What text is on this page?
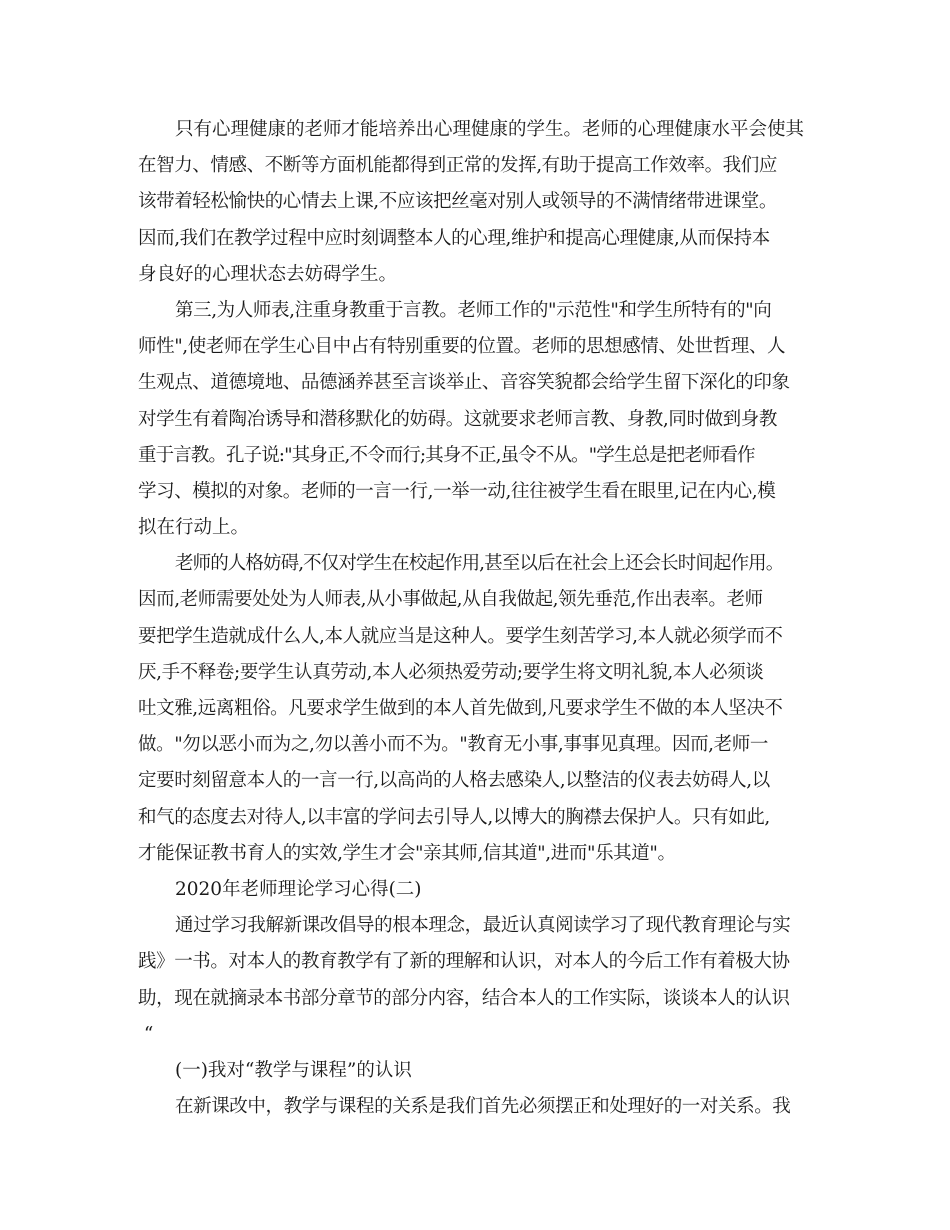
只有心理健康的老师才能培养出心理健康的学生。老师的心理健康水平会使其
在智力、情感、不断等方面机能都得到正常的发挥,有助于提高工作效率。我们应
该带着轻松愉快的心情去上课,不应该把丝毫对别人或领导的不满情绪带进课堂。
因而,我们在教学过程中应时刻调整本人的心理,维护和提高心理健康,从而保持本
身良好的心理状态去妨碍学生。
第三,为人师表,注重身教重于言教。老师工作的"示范性"和学生所特有的"向
师性",使老师在学生心目中占有特别重要的位置。老师的思想感情、处世哲理、人
生观点、道德境地、品德涵养甚至言谈举止、音容笑貌都会给学生留下深化的印象
对学生有着陶冶诱导和潜移默化的妨碍。这就要求老师言教、身教,同时做到身教
重于言教。孔子说:"其身正,不令而行;其身不正,虽令不从。"学生总是把老师看作
学习、模拟的对象。老师的一言一行,一举一动,往往被学生看在眼里,记在内心,模
拟在行动上。
老师的人格妨碍,不仅对学生在校起作用,甚至以后在社会上还会长时间起作用。
因而,老师需要处处为人师表,从小事做起,从自我做起,领先垂范,作出表率。老师
要把学生造就成什么人,本人就应当是这种人。要学生刻苦学习,本人就必须学而不
厌,手不释卷;要学生认真劳动,本人必须热爱劳动;要学生将文明礼貌,本人必须谈
吐文雅,远离粗俗。凡要求学生做到的本人首先做到,凡要求学生不做的本人坚决不
做。"勿以恶小而为之,勿以善小而不为。"教育无小事,事事见真理。因而,老师一
定要时刻留意本人的一言一行,以高尚的人格去感染人,以整洁的仪表去妨碍人,以
和气的态度去对待人,以丰富的学问去引导人,以博大的胸襟去保护人。只有如此,
才能保证教书育人的实效,学生才会"亲其师,信其道",进而"乐其道"。
2020年老师理论学习心得(二)
通过学习我解新课改倡导的根本理念，最近认真阅读学习了现代教育理论与实
践》一书。对本人的教育教学有了新的理解和认识，对本人的今后工作有着极大协
助，现在就摘录本书部分章节的部分内容，结合本人的工作实际，谈谈本人的认识
“
(一)我对“教学与课程”的认识
在新课改中，教学与课程的关系是我们首先必须摆正和处理好的一对关系。我
